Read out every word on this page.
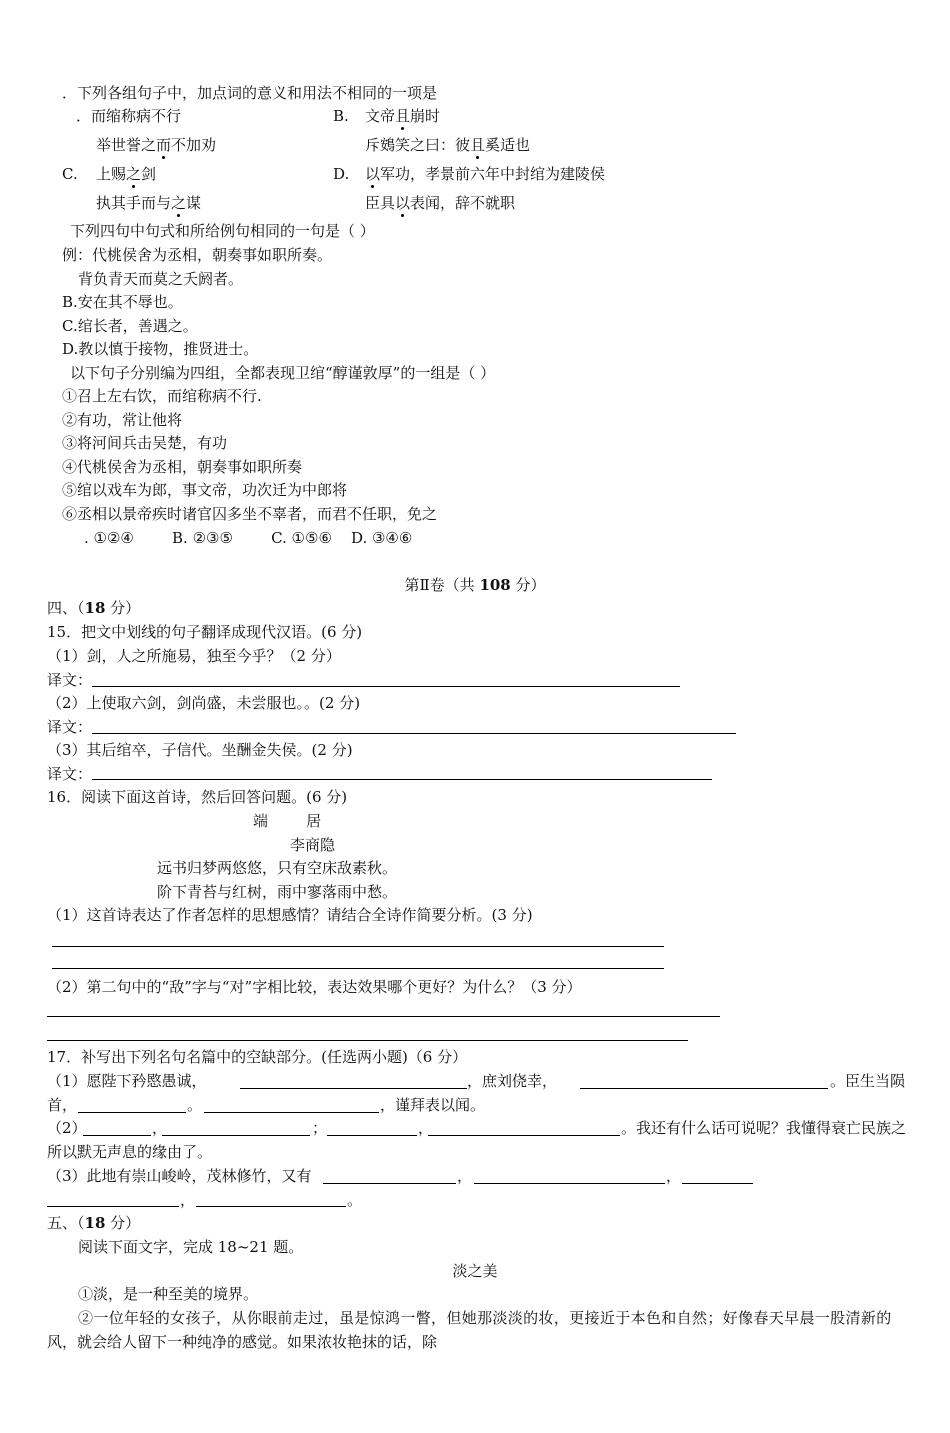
．下列各组句子中，加点词的意义和用法不相同的一项是
．而缩称病不行
举世誉之而不加劝
B. 文帝且崩时
斥鴳笑之曰：彼且奚适也
C. 上赐之剑
执其手而与之谋
D. 以军功，孝景前六年中封绾为建陵侯
臣具以表闻，辞不就职
下列四句中句式和所给例句相同的一句是（ ）
例：代桃侯舍为丞相，朝奏事如职所奏。
背负青天而莫之夭阏者。
B.安在其不辱也。
C.绾长者，善遇之。
D.教以慎于接物，推贤进士。
以下句子分别编为四组，全都表现卫绾“醇谨敦厚”的一组是（ ）
①召上左右饮，而绾称病不行.
②有功，常让他将
③将河间兵击吴楚，有功
④代桃侯舍为丞相，朝奏事如职所奏
⑤绾以戏车为郎，事文帝，功次迁为中郎将
⑥丞相以景帝疾时诸官囚多坐不辜者，而君不任职，免之
. ①②④        B. ②③⑤        C. ①⑤⑥    D. ③④⑥
第Ⅱ卷（共 108 分）
四、（18 分）
15．把文中划线的句子翻译成现代汉语。(6 分)
（1）剑，人之所施易，独至今乎？（2 分）
译文：
（2）上使取六剑，剑尚盛，未尝服也。。(2 分)
译文：
（3）其后绾卒，子信代。坐酬金失侯。(2 分)
译文：
16．阅读下面这首诗，然后回答问题。(6 分)
端        居
李商隐
远书归梦两悠悠，只有空床敌素秋。
阶下青苔与红树，雨中寥落雨中愁。
（1）这首诗表达了作者怎样的思想感情？请结合全诗作简要分析。(3 分)
（2）第二句中的“敌”字与“对”字相比较，表达效果哪个更好？为什么？（3 分）
17．补写出下列名句名篇中的空缺部分。(任选两小题)（6 分）
（1）愿陛下矜愍愚诚，	，庶刘侥幸，	。臣生当陨
首，	。	，谨拜表以闻。
（2）	，	；	，	。我还有什么话可说呢？我懂得衰亡民族之
所以默无声息的缘由了。
（3）此地有崇山峻岭，茂林修竹，又有	，	，
，	。
五、（18 分）
阅读下面文字，完成 18~21 题。
淡之美
①淡，是一种至美的境界。
②一位年轻的女孩子，从你眼前走过，虽是惊鸿一瞥，但她那淡淡的妆，更接近于本色和自然；好像春天早晨一股清新的
风，就会给人留下一种纯净的感觉。如果浓妆艳抹的话，除
